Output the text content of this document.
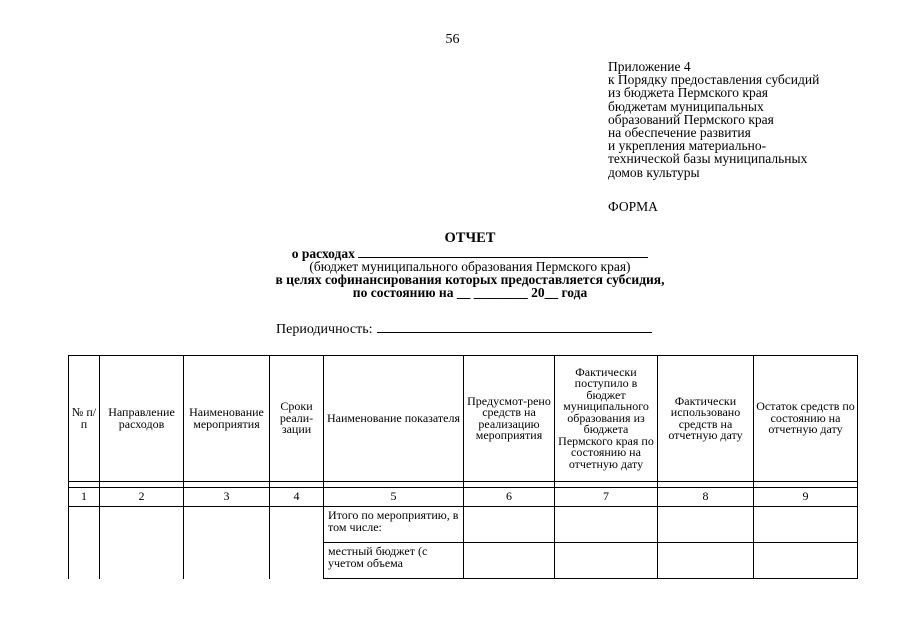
56
Приложение 4
к Порядку предоставления субсидий
из бюджета Пермского края
бюджетам муниципальных
образований Пермского края
на обеспечение развития
и укрепления материально-
технической базы муниципальных
домов культуры
ФОРМА
ОТЧЕТ
о расходах
(бюджет муниципального образования Пермского края)
в целях софинансирования которых предоставляется субсидия,
по состоянию на __ ________ 20__ года
Периодичность:
№ п/п	Направление расходов	Наименование мероприятия	Сроки реали-зации	Наименование показателя	Предусмот-рено средств на реализацию мероприятия	Фактически поступило в бюджет муниципального образования из бюджета Пермского края по состоянию на отчетную дату	Фактически использовано средств на отчетную дату	Остаток средств по состоянию на отчетную дату

1	2	3	4	5	6	7	8	9
				Итого по мероприятию, в том числе:				
				местный бюджет (с учетом объема				
